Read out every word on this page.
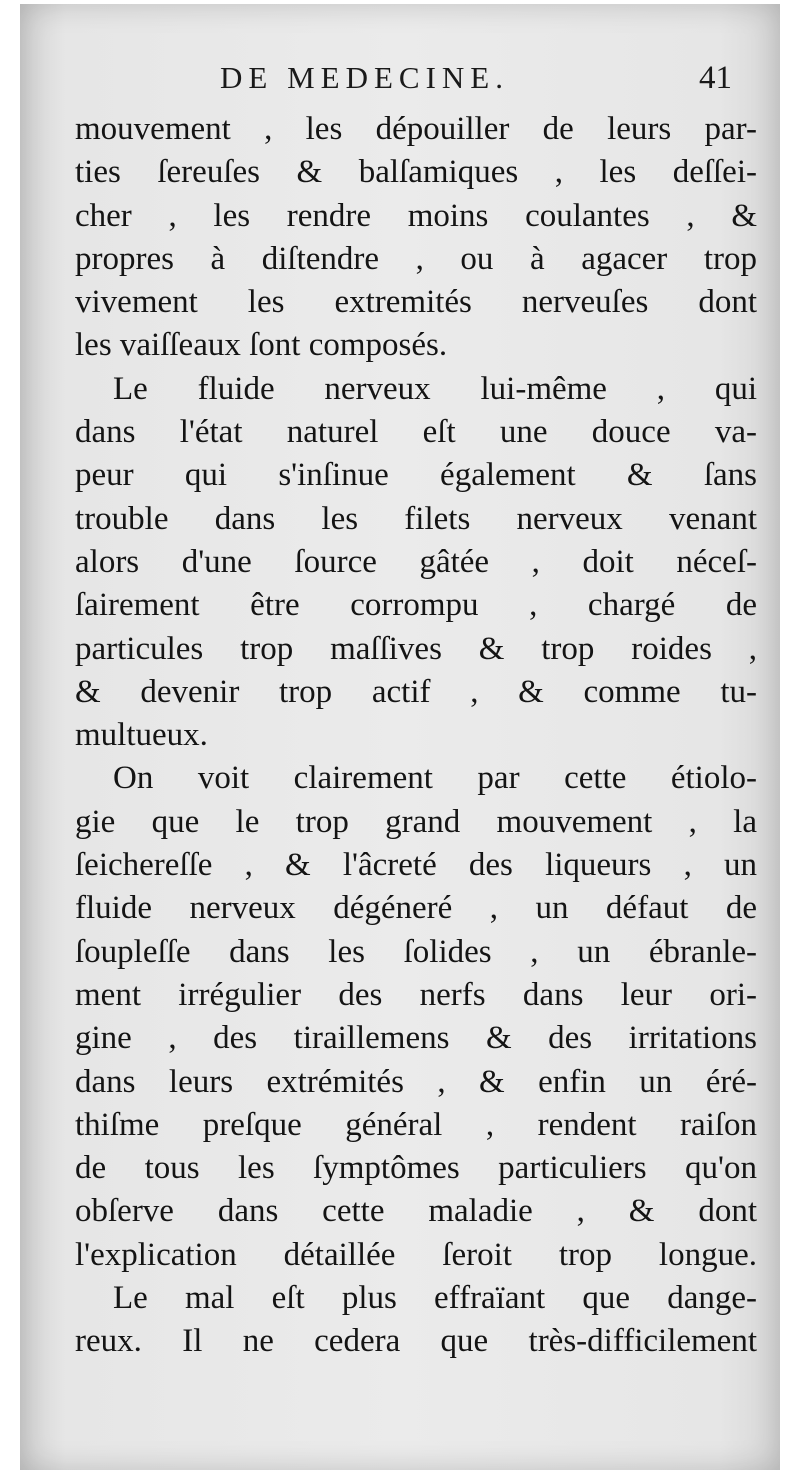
DE MEDECINE.	41
mouvement , les dépouiller de leurs par-
ties ſereuſes & balſamiques , les deſſei-
cher , les rendre moins coulantes , &
propres à diſtendre , ou à agacer trop
vivement les extremités nerveuſes dont
les vaiſſeaux ſont composés.
Le fluide nerveux lui-même , qui
dans l'état naturel eſt une douce va-
peur qui s'inſinue également & ſans
trouble dans les filets nerveux venant
alors d'une ſource gâtée , doit néceſ-
ſairement être corrompu , chargé de
particules trop maſſives & trop roides ,
& devenir trop actif , & comme tu-
multueux.
On voit clairement par cette étiolo-
gie que le trop grand mouvement , la
ſeichereſſe , & l'âcreté des liqueurs , un
fluide nerveux dégéneré , un défaut de
ſoupleſſe dans les ſolides , un ébranle-
ment irrégulier des nerfs dans leur ori-
gine , des tiraillemens & des irritations
dans leurs extrémités , & enfin un éré-
thiſme preſque général , rendent raiſon
de tous les ſymptômes particuliers qu'on
obſerve dans cette maladie , & dont
l'explication détaillée ſeroit trop longue.
Le mal eſt plus effraïant que dange-
reux. Il ne cedera que très-difficilement
